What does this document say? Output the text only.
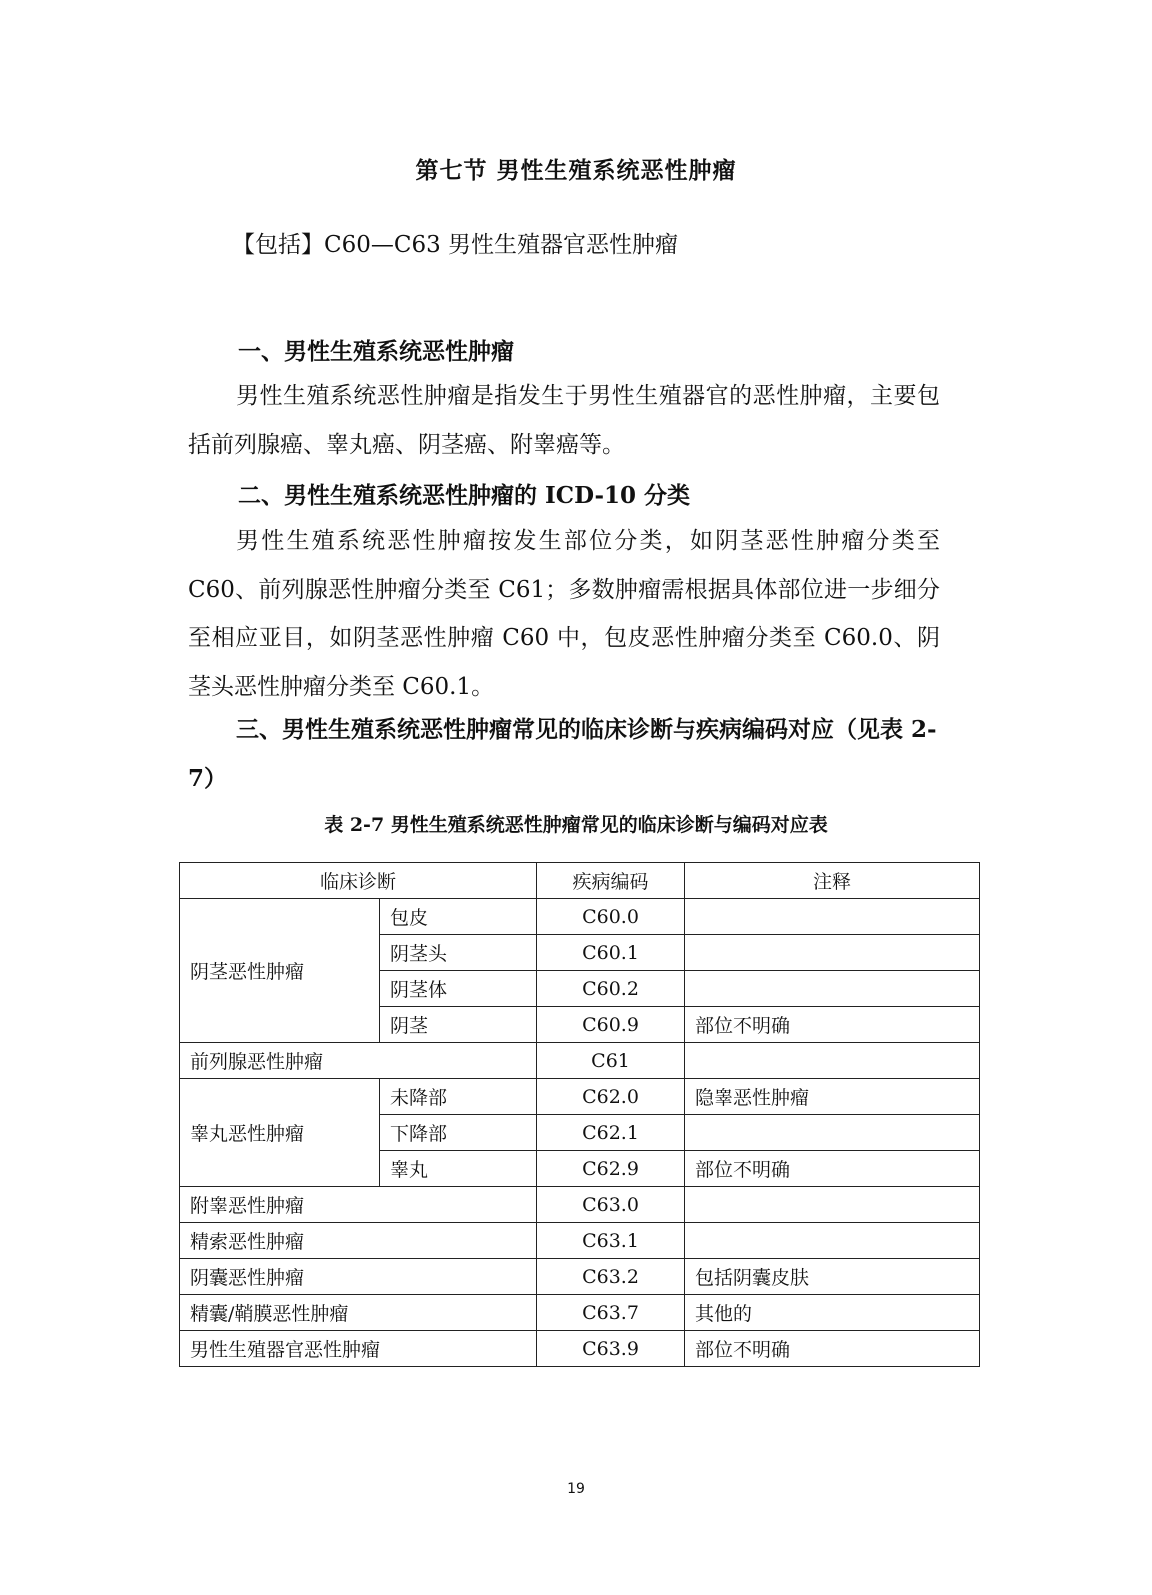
第七节 男性生殖系统恶性肿瘤
【包括】C60—C63 男性生殖器官恶性肿瘤
一、男性生殖系统恶性肿瘤
男性生殖系统恶性肿瘤是指发生于男性生殖器官的恶性肿瘤，主要包括前列腺癌、睾丸癌、阴茎癌、附睾癌等。
二、男性生殖系统恶性肿瘤的 ICD-10 分类
男性生殖系统恶性肿瘤按发生部位分类，如阴茎恶性肿瘤分类至 C60、前列腺恶性肿瘤分类至 C61；多数肿瘤需根据具体部位进一步细分至相应亚目，如阴茎恶性肿瘤 C60 中，包皮恶性肿瘤分类至 C60.0、阴茎头恶性肿瘤分类至 C60.1。
三、男性生殖系统恶性肿瘤常见的临床诊断与疾病编码对应（见表 2-7）
表 2-7 男性生殖系统恶性肿瘤常见的临床诊断与编码对应表
临床诊断		疾病编码	注释
阴茎恶性肿瘤	包皮	C60.0	
	阴茎头	C60.1	
	阴茎体	C60.2	
	阴茎	C60.9	部位不明确
前列腺恶性肿瘤		C61	
睾丸恶性肿瘤	未降部	C62.0	隐睾恶性肿瘤
	下降部	C62.1	
	睾丸	C62.9	部位不明确
附睾恶性肿瘤		C63.0	
精索恶性肿瘤		C63.1	
阴囊恶性肿瘤		C63.2	包括阴囊皮肤
精囊/鞘膜恶性肿瘤		C63.7	其他的
男性生殖器官恶性肿瘤		C63.9	部位不明确
19
